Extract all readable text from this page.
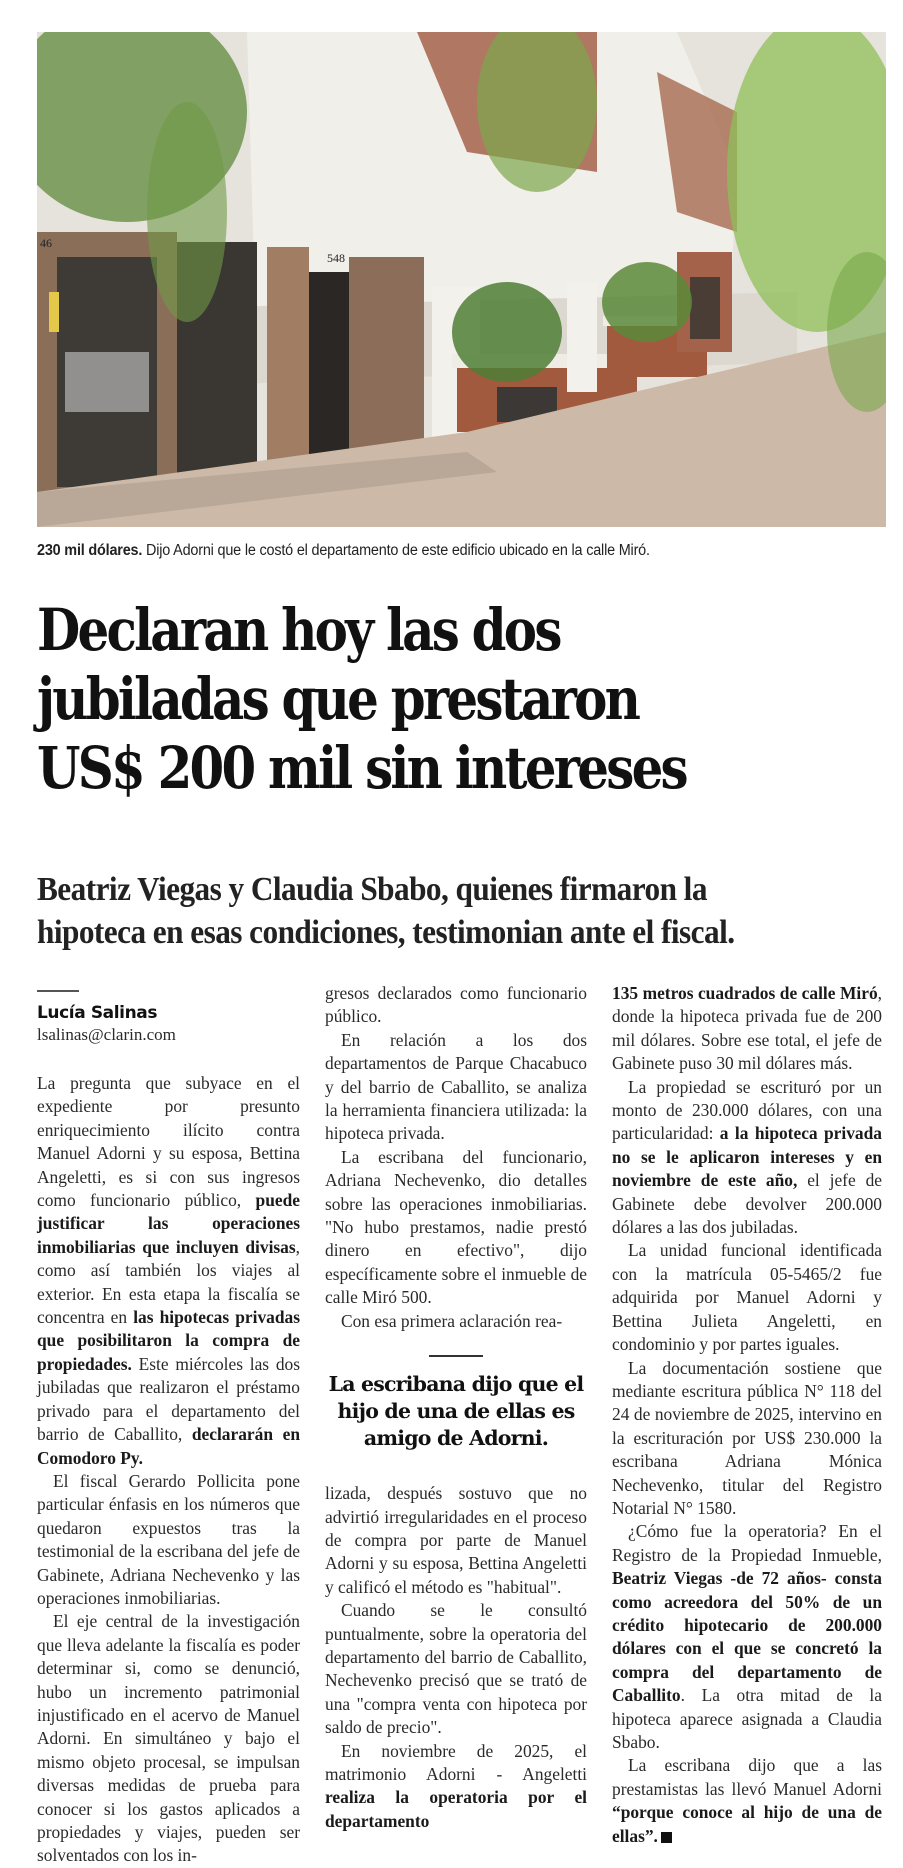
46
548
230 mil dólares. Dijo Adorni que le costó el departamento de este edificio ubicado en la calle Miró.
Declaran hoy las dos
jubiladas que prestaron
US$ 200 mil sin intereses
Beatriz Viegas y Claudia Sbabo, quienes firmaron la
hipoteca en esas condiciones, testimonian ante el fiscal.
Lucía Salinas
lsalinas@clarin.com

La pregunta que subyace en el expediente por presunto enriquecimiento ilícito contra Manuel Adorni y su esposa, Bettina Angeletti, es si con sus ingresos como funcionario público, puede justificar las operaciones inmobiliarias que incluyen divisas, como así también los viajes al exterior. En esta etapa la fiscalía se concentra en las hipotecas privadas que posibilitaron la compra de propiedades. Este miércoles las dos jubiladas que realizaron el préstamo privado para el departamento del barrio de Caballito, declararán en Comodoro Py.

El fiscal Gerardo Pollicita pone particular énfasis en los números que quedaron expuestos tras la testimonial de la escribana del jefe de Gabinete, Adriana Nechevenko y las operaciones inmobiliarias.

El eje central de la investigación que lleva adelante la fiscalía es poder determinar si, como se denunció, hubo un incremento patrimonial injustificado en el acervo de Manuel Adorni. En simultáneo y bajo el mismo objeto procesal, se impulsan diversas medidas de prueba para conocer si los gastos aplicados a propiedades y viajes, pueden ser solventados con los in-

gresos declarados como funcionario público.

En relación a los dos departamentos de Parque Chacabuco y del barrio de Caballito, se analiza la herramienta financiera utilizada: la hipoteca privada.

La escribana del funcionario, Adriana Nechevenko, dio detalles sobre las operaciones inmobiliarias. "No hubo prestamos, nadie prestó dinero en efectivo", dijo específicamente sobre el inmueble de calle Miró 500.

Con esa primera aclaración rea-

La escribana dijo que el hijo de una de ellas es amigo de Adorni.

lizada, después sostuvo que no advirtió irregularidades en el proceso de compra por parte de Manuel Adorni y su esposa, Bettina Angeletti y calificó el método es "habitual".

Cuando se le consultó puntualmente, sobre la operatoria del departamento del barrio de Caballito, Nechevenko precisó que se trató de una "compra venta con hipoteca por saldo de precio".

En noviembre de 2025, el matrimonio Adorni - Angeletti realiza la operatoria por el departamento

135 metros cuadrados de calle Miró, donde la hipoteca privada fue de 200 mil dólares. Sobre ese total, el jefe de Gabinete puso 30 mil dólares más.

La propiedad se escrituró por un monto de 230.000 dólares, con una particularidad: a la hipoteca privada no se le aplicaron intereses y en noviembre de este año, el jefe de Gabinete debe devolver 200.000 dólares a las dos jubiladas.

La unidad funcional identificada con la matrícula 05-5465/2 fue adquirida por Manuel Adorni y Bettina Julieta Angeletti, en condominio y por partes iguales.

La documentación sostiene que mediante escritura pública N° 118 del 24 de noviembre de 2025, intervino en la escrituración por US$ 230.000 la escribana Adriana Mónica Nechevenko, titular del Registro Notarial N° 1580.

¿Cómo fue la operatoria? En el Registro de la Propiedad Inmueble, Beatriz Viegas -de 72 años- consta como acreedora del 50% de un crédito hipotecario de 200.000 dólares con el que se concretó la compra del departamento de Caballito. La otra mitad de la hipoteca aparece asignada a Claudia Sbabo.

La escribana dijo que a las prestamistas las llevó Manuel Adorni “porque conoce al hijo de una de ellas”.
